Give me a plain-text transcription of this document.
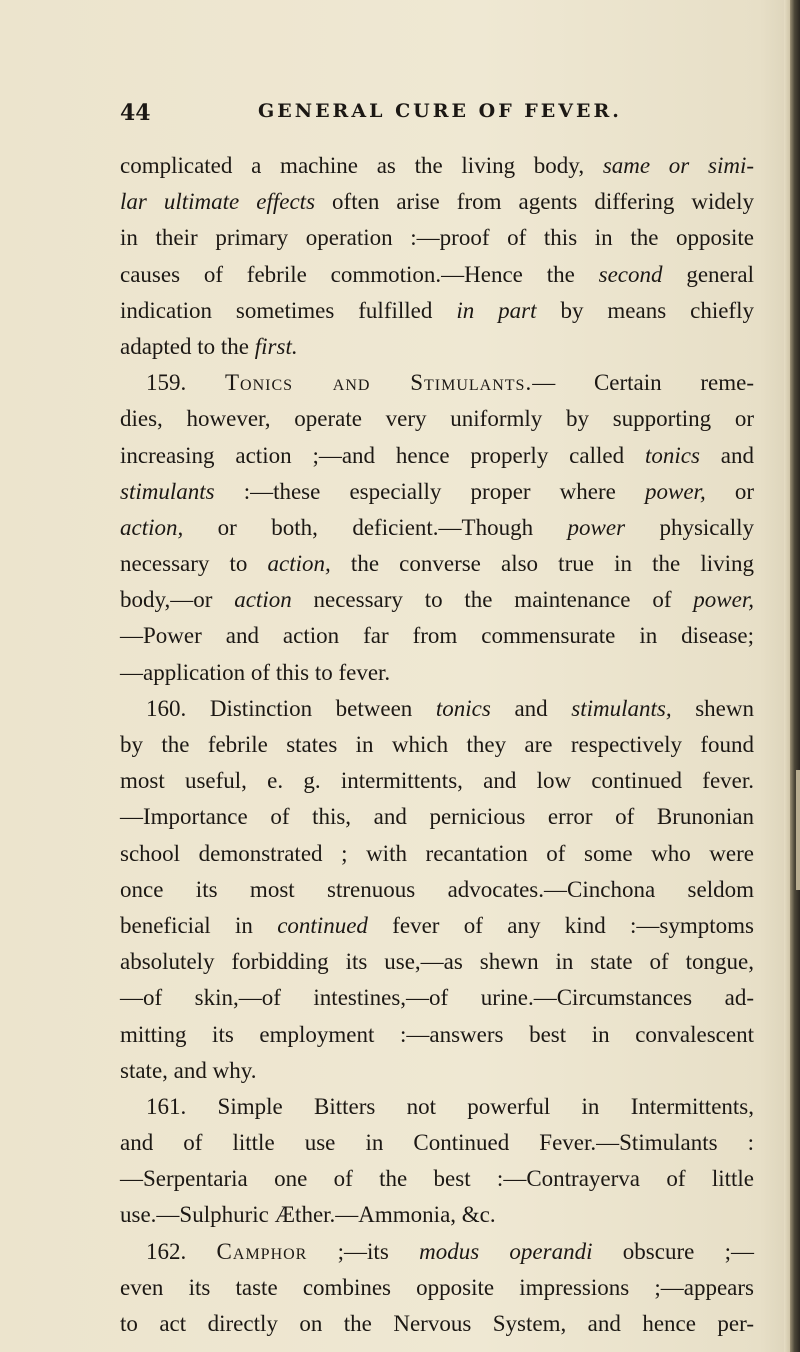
44	GENERAL CURE OF FEVER.
complicated a machine as the living body, same or simi-
lar ultimate effects often arise from agents differing widely
in their primary operation :—proof of this in the opposite
causes of febrile commotion.—Hence the second general
indication sometimes fulfilled in part by means chiefly
adapted to the first.
159. Tonics and Stimulants.— Certain reme-
dies, however, operate very uniformly by supporting or
increasing action ;—and hence properly called tonics and
stimulants :—these especially proper where power, or
action, or both, deficient.—Though power physically
necessary to action, the converse also true in the living
body,—or action necessary to the maintenance of power,
—Power and action far from commensurate in disease;
—application of this to fever.
160. Distinction between tonics and stimulants, shewn
by the febrile states in which they are respectively found
most useful, e. g. intermittents, and low continued fever.
—Importance of this, and pernicious error of Brunonian
school demonstrated ; with recantation of some who were
once its most strenuous advocates.—Cinchona seldom
beneficial in continued fever of any kind :—symptoms
absolutely forbidding its use,—as shewn in state of tongue,
—of skin,—of intestines,—of urine.—Circumstances ad-
mitting its employment :—answers best in convalescent
state, and why.
161. Simple Bitters not powerful in Intermittents,
and of little use in Continued Fever.—Stimulants :
—Serpentaria one of the best :—Contrayerva of little
use.—Sulphuric Æther.—Ammonia, &c.
162. Camphor ;—its modus operandi obscure ;—
even its taste combines opposite impressions ;—appears
to act directly on the Nervous System, and hence per-
